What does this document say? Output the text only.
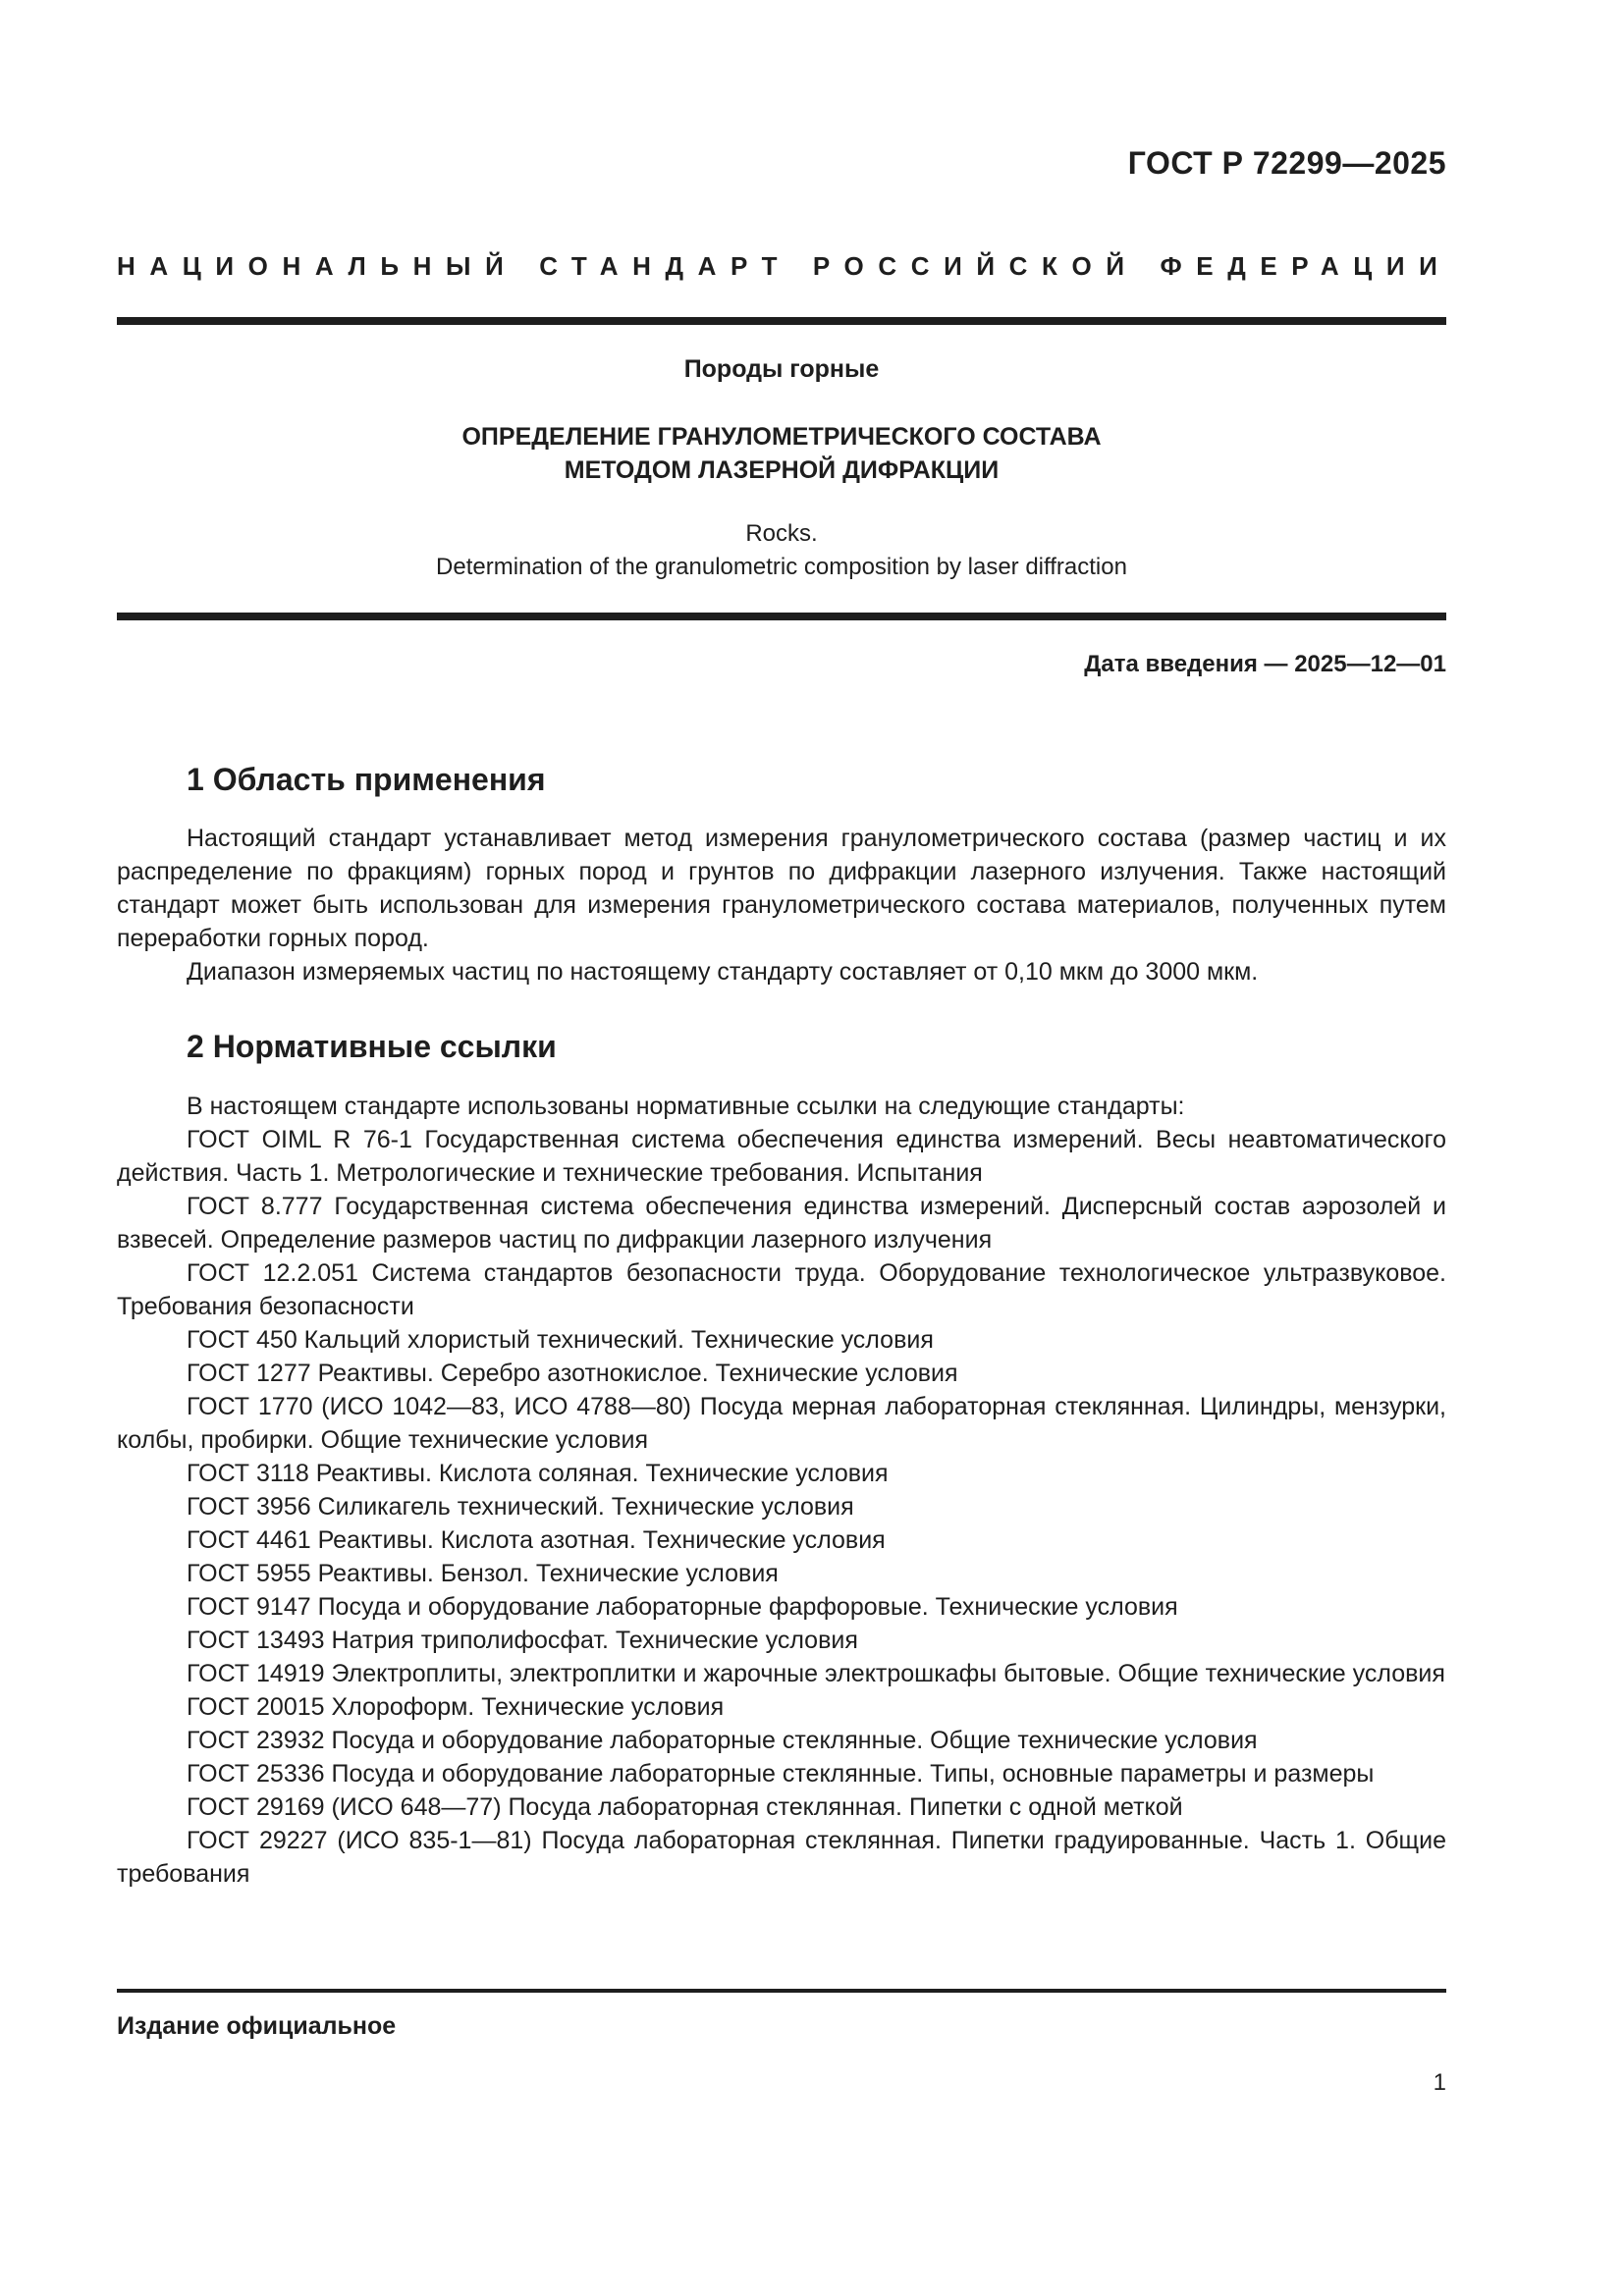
ГОСТ Р 72299—2025
НАЦИОНАЛЬНЫЙ СТАНДАРТ РОССИЙСКОЙ ФЕДЕРАЦИИ
Породы горные
ОПРЕДЕЛЕНИЕ ГРАНУЛОМЕТРИЧЕСКОГО СОСТАВА
МЕТОДОМ ЛАЗЕРНОЙ ДИФРАКЦИИ
Rocks.
Determination of the granulometric composition by laser diffraction
Дата введения — 2025—12—01
1 Область применения

Настоящий стандарт устанавливает метод измерения гранулометрического состава (размер частиц и их распределение по фракциям) горных пород и грунтов по дифракции лазерного излучения. Также настоящий стандарт может быть использован для измерения гранулометрического состава материалов, полученных путем переработки горных пород.

Диапазон измеряемых частиц по настоящему стандарту составляет от 0,10 мкм до 3000 мкм.

2 Нормативные ссылки

В настоящем стандарте использованы нормативные ссылки на следующие стандарты:

ГОСТ OIML R 76-1 Государственная система обеспечения единства измерений. Весы неавтоматического действия. Часть 1. Метрологические и технические требования. Испытания

ГОСТ 8.777 Государственная система обеспечения единства измерений. Дисперсный состав аэрозолей и взвесей. Определение размеров частиц по дифракции лазерного излучения

ГОСТ 12.2.051 Система стандартов безопасности труда. Оборудование технологическое ультразвуковое. Требования безопасности

ГОСТ 450 Кальций хлористый технический. Технические условия

ГОСТ 1277 Реактивы. Серебро азотнокислое. Технические условия

ГОСТ 1770 (ИСО 1042—83, ИСО 4788—80) Посуда мерная лабораторная стеклянная. Цилиндры, мензурки, колбы, пробирки. Общие технические условия

ГОСТ 3118 Реактивы. Кислота соляная. Технические условия

ГОСТ 3956 Силикагель технический. Технические условия

ГОСТ 4461 Реактивы. Кислота азотная. Технические условия

ГОСТ 5955 Реактивы. Бензол. Технические условия

ГОСТ 9147 Посуда и оборудование лабораторные фарфоровые. Технические условия

ГОСТ 13493 Натрия триполифосфат. Технические условия

ГОСТ 14919 Электроплиты, электроплитки и жарочные электрошкафы бытовые. Общие технические условия

ГОСТ 20015 Хлороформ. Технические условия

ГОСТ 23932 Посуда и оборудование лабораторные стеклянные. Общие технические условия

ГОСТ 25336 Посуда и оборудование лабораторные стеклянные. Типы, основные параметры и размеры

ГОСТ 29169 (ИСО 648—77) Посуда лабораторная стеклянная. Пипетки с одной меткой

ГОСТ 29227 (ИСО 835-1—81) Посуда лабораторная стеклянная. Пипетки градуированные. Часть 1. Общие требования

Издание официальное
1
